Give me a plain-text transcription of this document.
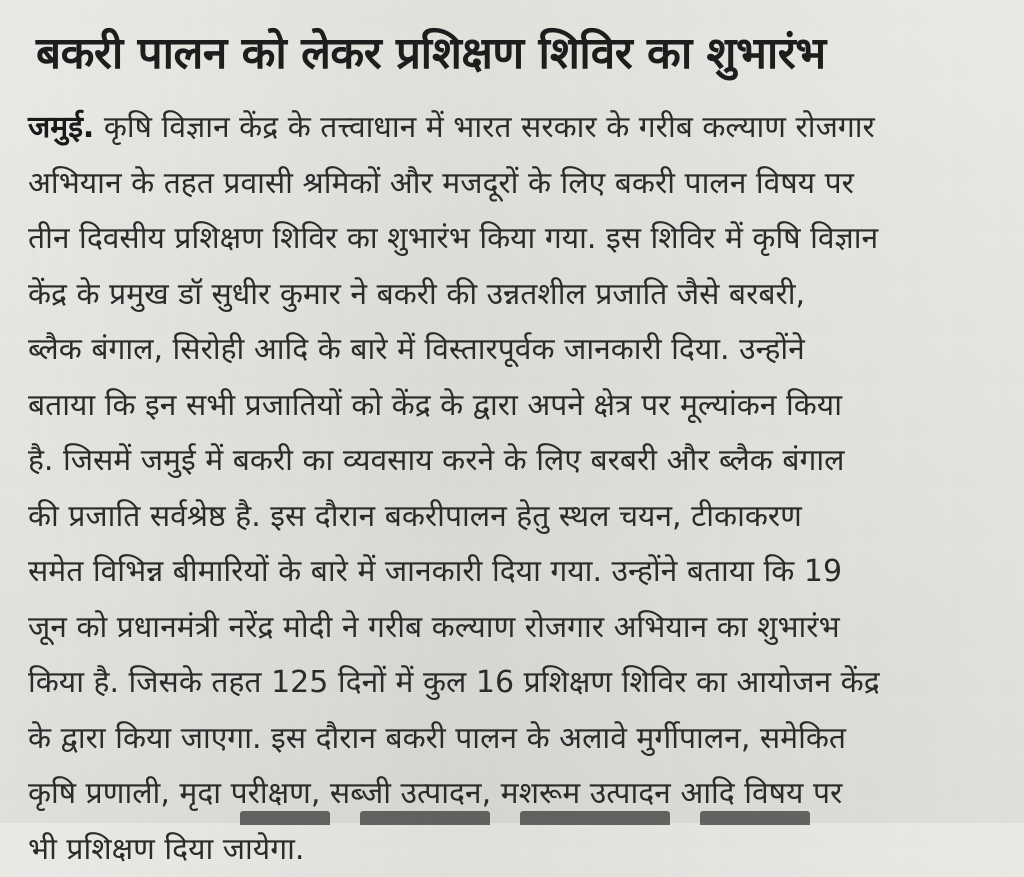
बकरी पालन को लेकर प्रशिक्षण शिविर का शुभारंभ
जमुई. कृषि विज्ञान केंद्र के तत्त्वाधान में भारत सरकार के गरीब कल्याण रोजगार
अभियान के तहत प्रवासी श्रमिकों और मजदूरों के लिए बकरी पालन विषय पर
तीन दिवसीय प्रशिक्षण शिविर का शुभारंभ किया गया. इस शिविर में कृषि विज्ञान
केंद्र के प्रमुख डॉ सुधीर कुमार ने बकरी की उन्नतशील प्रजाति जैसे बरबरी,
ब्लैक बंगाल, सिरोही आदि के बारे में विस्तारपूर्वक जानकारी दिया. उन्होंने
बताया कि इन सभी प्रजातियों को केंद्र के द्वारा अपने क्षेत्र पर मूल्यांकन किया
है. जिसमें जमुई में बकरी का व्यवसाय करने के लिए बरबरी और ब्लैक बंगाल
की प्रजाति सर्वश्रेष्ठ है. इस दौरान बकरीपालन हेतु स्थल चयन, टीकाकरण
समेत विभिन्न बीमारियों के बारे में जानकारी दिया गया. उन्होंने बताया कि 19
जून को प्रधानमंत्री नरेंद्र मोदी ने गरीब कल्याण रोजगार अभियान का शुभारंभ
किया है. जिसके तहत 125 दिनों में कुल 16 प्रशिक्षण शिविर का आयोजन केंद्र
के द्वारा किया जाएगा. इस दौरान बकरी पालन के अलावे मुर्गीपालन, समेकित
कृषि प्रणाली, मृदा परीक्षण, सब्जी उत्पादन, मशरूम उत्पादन आदि विषय पर
भी प्रशिक्षण दिया जायेगा.
